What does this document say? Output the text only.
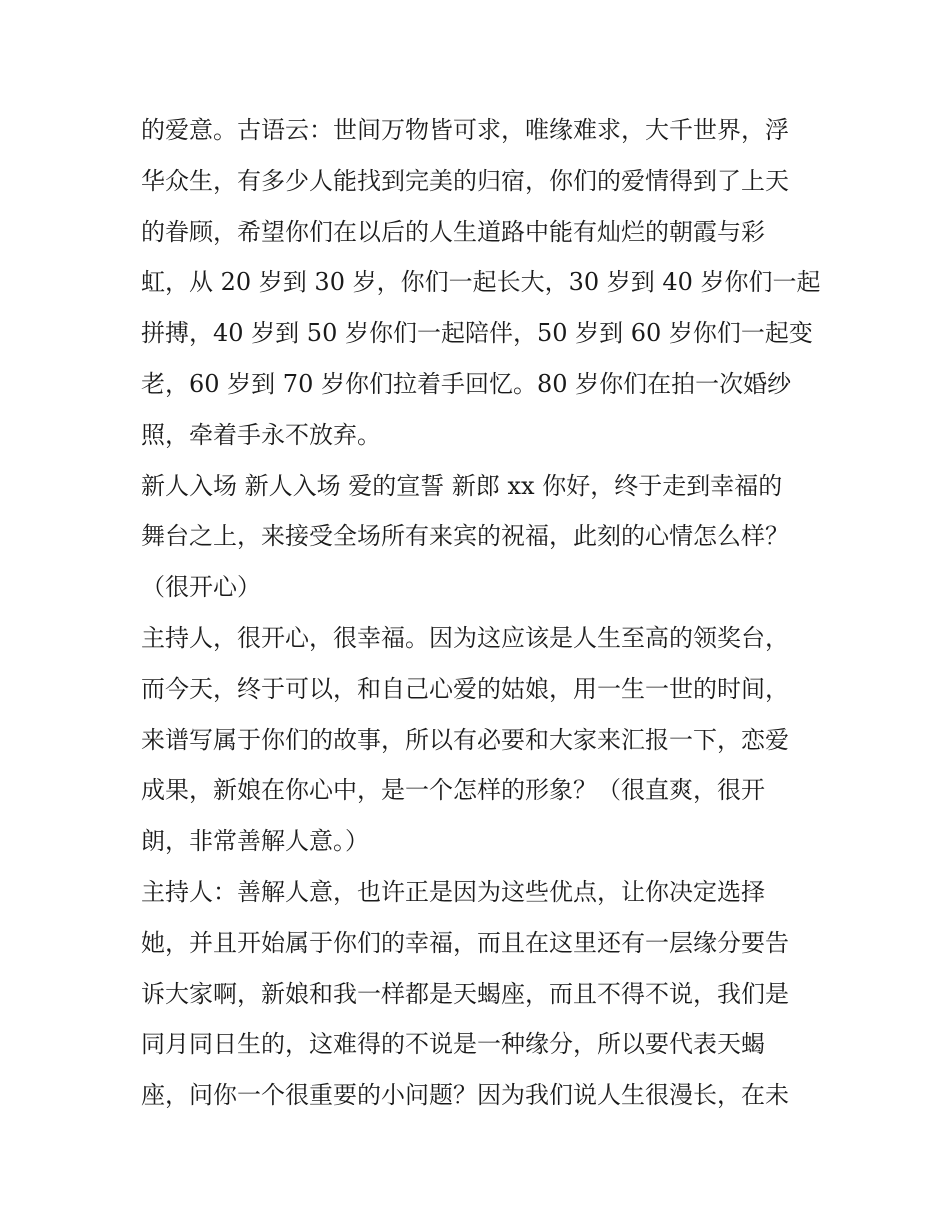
的爱意。古语云：世间万物皆可求，唯缘难求，大千世界，浮
华众生，有多少人能找到完美的归宿，你们的爱情得到了上天
的眷顾，希望你们在以后的人生道路中能有灿烂的朝霞与彩
虹，从 20 岁到 30 岁，你们一起长大，30 岁到 40 岁你们一起
拼搏，40 岁到 50 岁你们一起陪伴，50 岁到 60 岁你们一起变
老，60 岁到 70 岁你们拉着手回忆。80 岁你们在拍一次婚纱
照，牵着手永不放弃。
新人入场 新人入场 爱的宣誓 新郎 xx 你好，终于走到幸福的
舞台之上，来接受全场所有来宾的祝福，此刻的心情怎么样？
（很开心）
主持人，很开心，很幸福。因为这应该是人生至高的领奖台，
而今天，终于可以，和自己心爱的姑娘，用一生一世的时间，
来谱写属于你们的故事，所以有必要和大家来汇报一下，恋爱
成果，新娘在你心中，是一个怎样的形象？（很直爽，很开
朗，非常善解人意。）
主持人：善解人意，也许正是因为这些优点，让你决定选择
她，并且开始属于你们的幸福，而且在这里还有一层缘分要告
诉大家啊，新娘和我一样都是天蝎座，而且不得不说，我们是
同月同日生的，这难得的不说是一种缘分，所以要代表天蝎
座，问你一个很重要的小问题？因为我们说人生很漫长，在未
